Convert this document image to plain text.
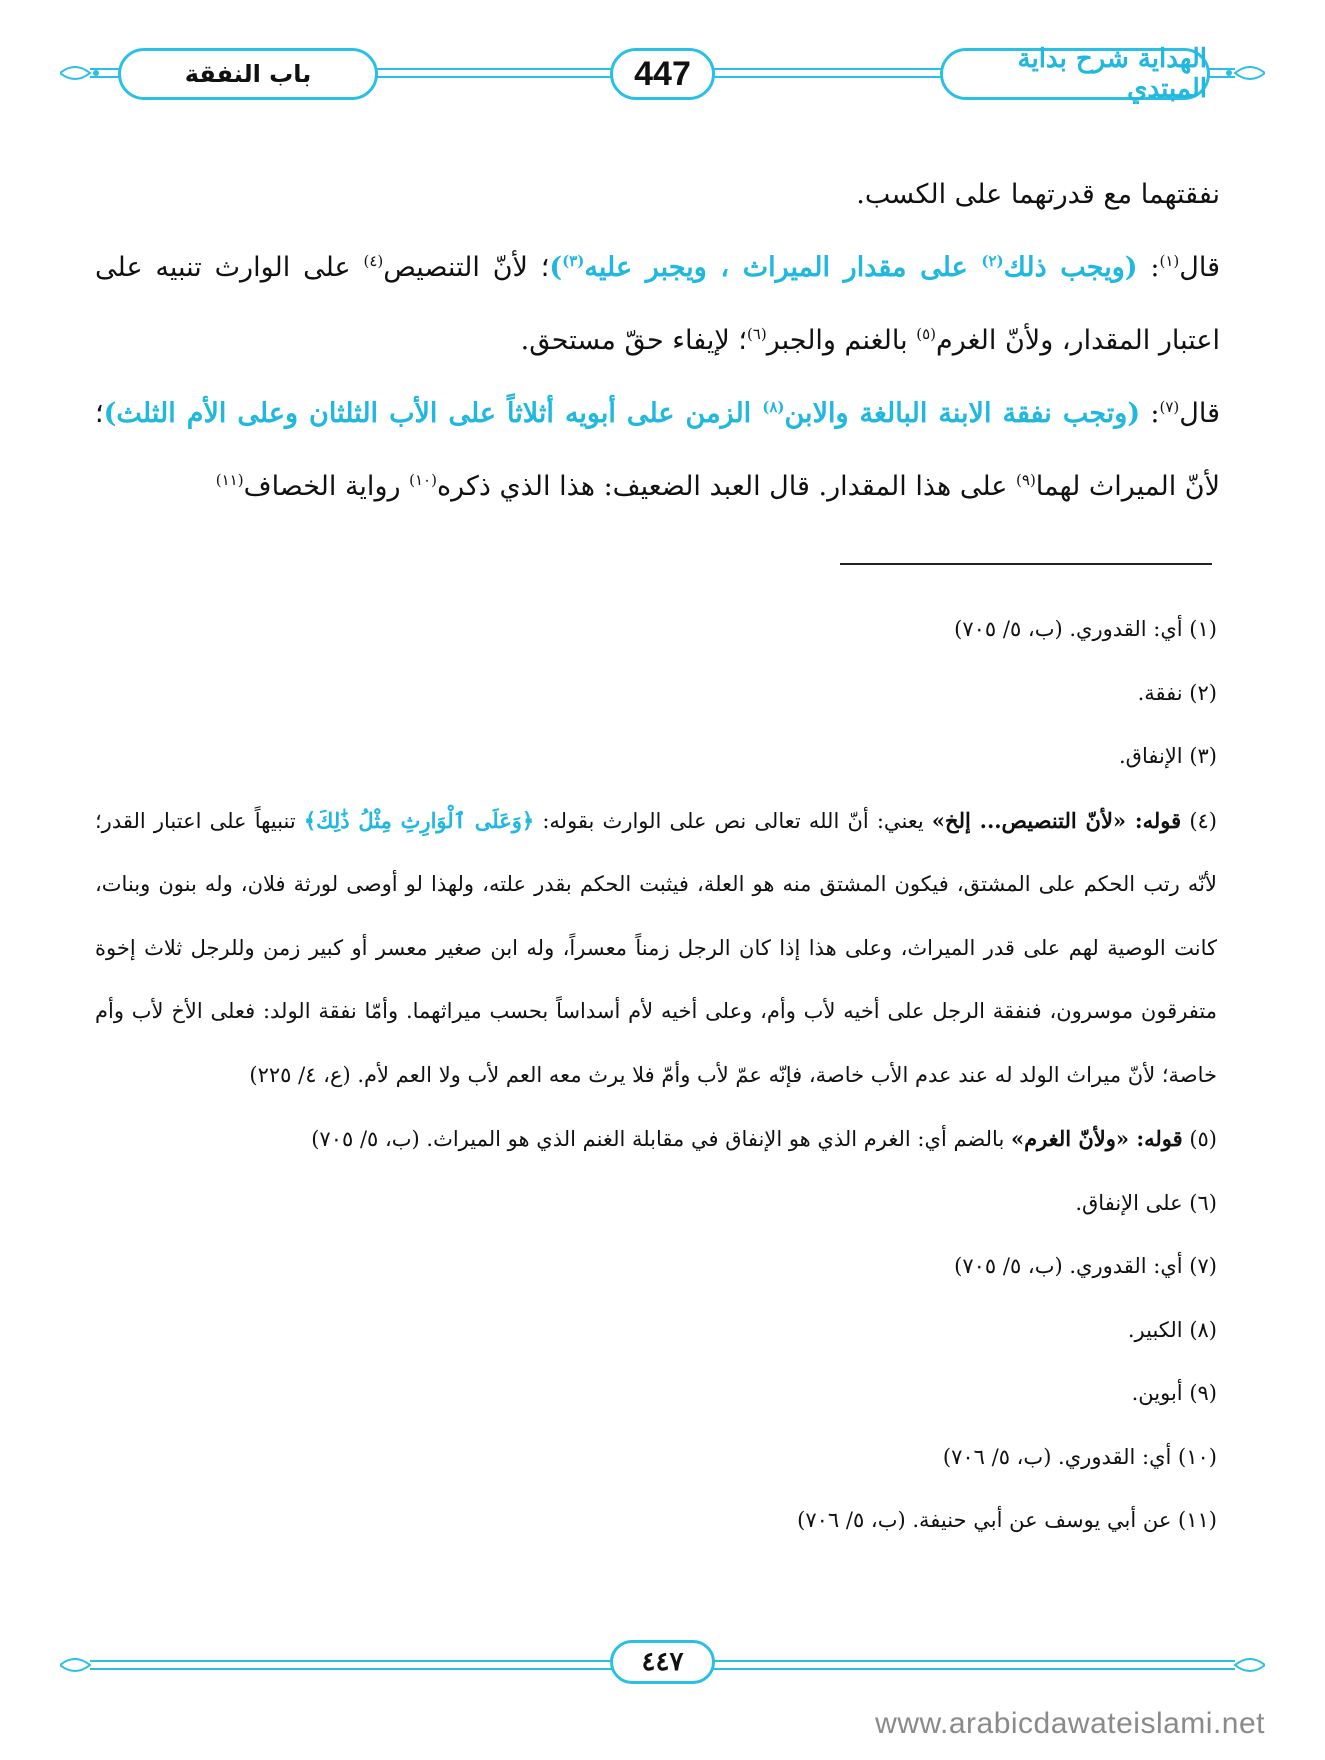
الهداية شرح بداية المبتدي
447
باب النفقة

نفقتهما مع قدرتهما على الكسب.

قال$^{(١)}$: (ويجب ذلك$^{(٢)}$ على مقدار الميراث ، ويجبر عليه$^{(٣)}$)؛ لأنّ التنصيص$^{(٤)}$ على الوارث تنبيه على اعتبار المقدار، ولأنّ الغرم$^{(٥)}$ بالغنم والجبر$^{(٦)}$؛ لإيفاء حقّ مستحق.

قال$^{(٧)}$: (وتجب نفقة الابنة البالغة والابن$^{(٨)}$ الزمن على أبويه أثلاثاً على الأب الثلثان وعلى الأم الثلث)؛ لأنّ الميراث لهما$^{(٩)}$ على هذا المقدار. قال العبد الضعيف: هذا الذي ذكره$^{(١٠)}$ رواية الخصاف$^{(١١)}$

(١) أي: القدوري. (ب، ٥/ ٧٠٥)

(٢) نفقة.

(٣) الإنفاق.

(٤) قوله: «لأنّ التنصيص... إلخ» يعني: أنّ الله تعالى نص على الوارث بقوله: ﴿وَعَلَى ٱلْوَارِثِ مِثْلُ ذَٰلِكَ﴾ تنبيهاً على اعتبار القدر؛ لأنّه رتب الحكم على المشتق، فيكون المشتق منه هو العلة، فيثبت الحكم بقدر علته، ولهذا لو أوصى لورثة فلان، وله بنون وبنات، كانت الوصية لهم على قدر الميراث، وعلى هذا إذا كان الرجل زمناً معسراً، وله ابن صغير معسر أو كبير زمن وللرجل ثلاث إخوة متفرقون موسرون، فنفقة الرجل على أخيه لأب وأم، وعلى أخيه لأم أسداساً بحسب ميراثهما. وأمّا نفقة الولد: فعلى الأخ لأب وأم خاصة؛ لأنّ ميراث الولد له عند عدم الأب خاصة، فإنّه عمّ لأب وأمّ فلا يرث معه العم لأب ولا العم لأم. (ع، ٤/ ٢٢٥)

(٥) قوله: «ولأنّ الغرم» بالضم أي: الغرم الذي هو الإنفاق في مقابلة الغنم الذي هو الميراث. (ب، ٥/ ٧٠٥)

(٦) على الإنفاق.

(٧) أي: القدوري. (ب، ٥/ ٧٠٥)

(٨) الكبير.

(٩) أبوين.

(١٠) أي: القدوري. (ب، ٥/ ٧٠٦)

(١١) عن أبي يوسف عن أبي حنيفة. (ب، ٥/ ٧٠٦)

٤٤٧
www.arabicdawateislami.net
